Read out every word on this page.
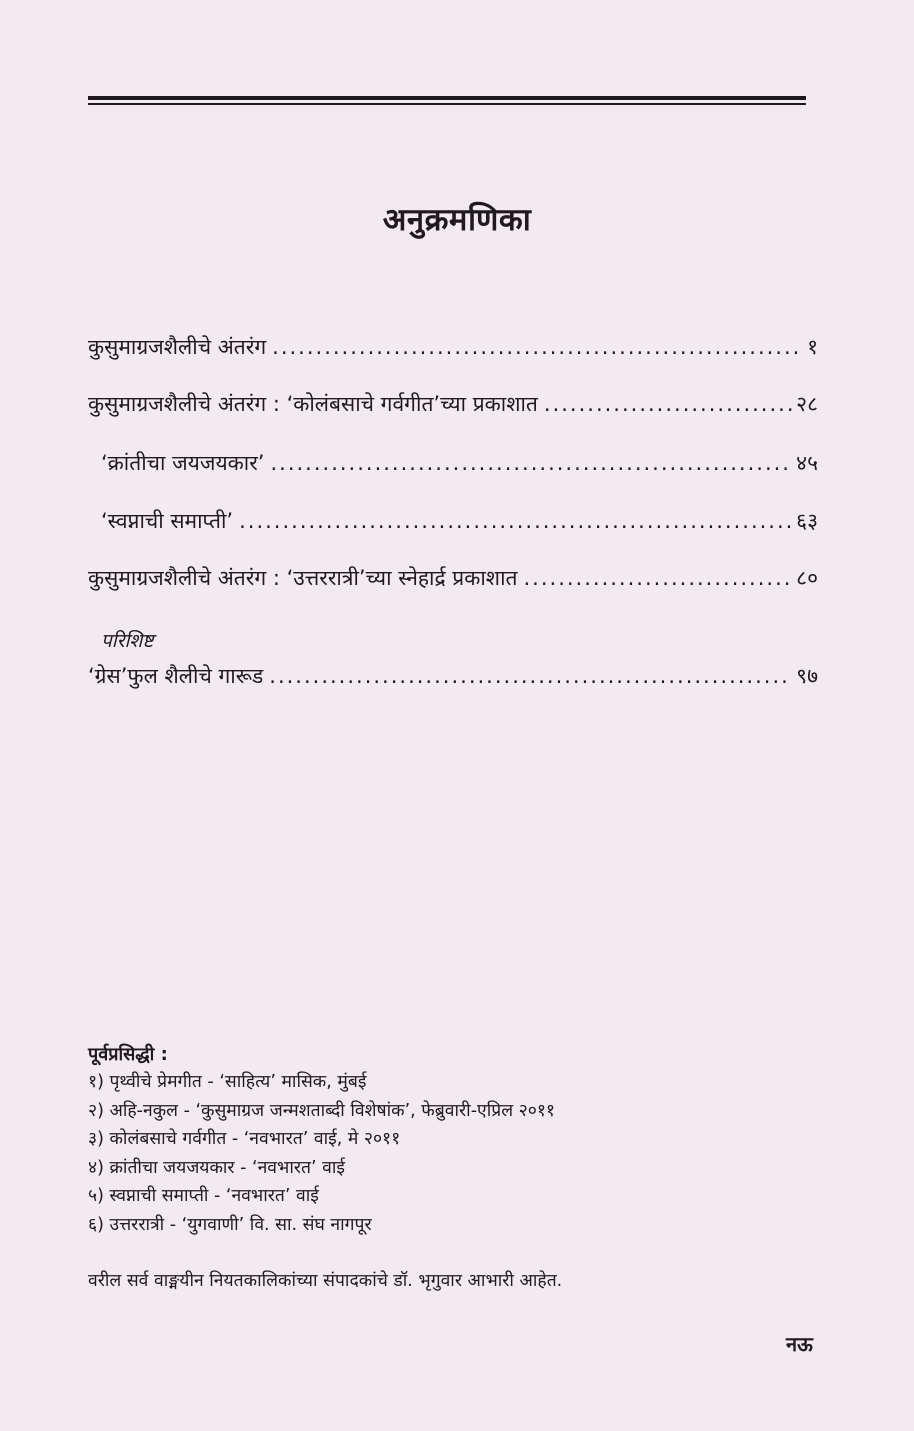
अनुक्रमणिका
कुसुमाग्रजशैलीचे अंतरंग .....	१
कुसुमाग्रजशैलीचे अंतरंग : ‘कोलंबसाचे गर्वगीत’च्या प्रकाशात .....	२८
‘क्रांतीचा जयजयकार’ .....	४५
‘स्वप्नाची समाप्ती’ .....	६३
कुसुमाग्रजशैलीचे अंतरंग : ‘उत्तररात्री’च्या स्नेहार्द्र प्रकाशात .....	८०
परिशिष्ट
‘ग्रेस’फुल शैलीचे गारूड .....	९७
पूर्वप्रसिद्धी :
१) पृथ्वीचे प्रेमगीत - ‘साहित्य’ मासिक, मुंबई
२) अहि-नकुल - ‘कुसुमाग्रज जन्मशताब्दी विशेषांक’, फेब्रुवारी-एप्रिल २०११
३) कोलंबसाचे गर्वगीत - ‘नवभारत’ वाई, मे २०११
४) क्रांतीचा जयजयकार - ‘नवभारत’ वाई
५) स्वप्नाची समाप्ती - ‘नवभारत’ वाई
६) उत्तररात्री - ‘युगवाणी’ वि. सा. संघ नागपूर
वरील सर्व वाङ्मयीन नियतकालिकांच्या संपादकांचे डॉ. भृगुवार आभारी आहेत.
नऊ
